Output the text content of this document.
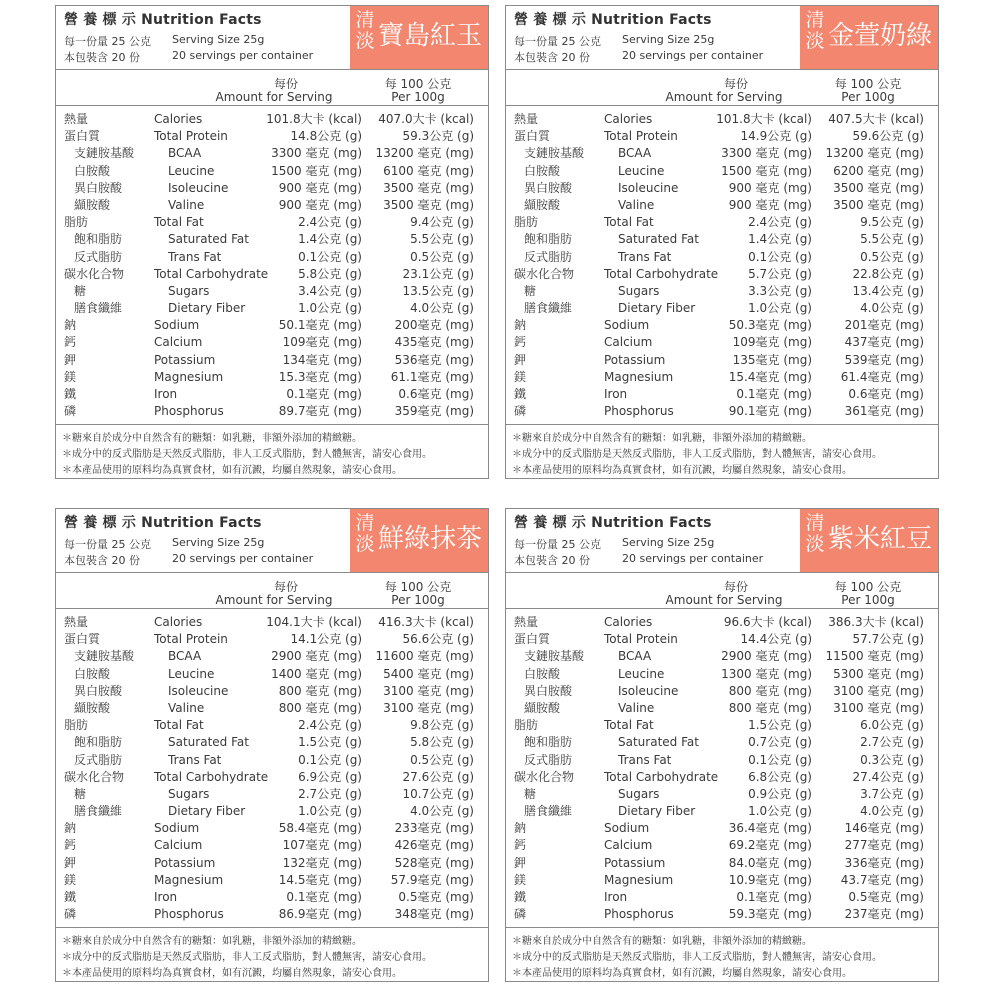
營 養 標 示 Nutrition Facts
每一份量 25 公克 Serving Size 25g
本包裝含 20 份	20 servings per container
清
淡 寶島紅玉
每份
Amount for Serving
每 100 公克
Per 100g
熱量	Calories	101.8大卡 (kcal) 407.0大卡 (kcal)
蛋白質	Total Protein	14.8公克 (g)	59.3公克 (g)
支鏈胺基酸	BCAA	3300 毫克 (mg) 13200 毫克 (mg)
白胺酸	Leucine	1500 毫克 (mg) 6100 毫克 (mg)
異白胺酸	Isoleucine	900 毫克 (mg) 3500 毫克 (mg)
纈胺酸	Valine	900 毫克 (mg) 3500 毫克 (mg)
脂肪	Total Fat	2.4公克 (g)	9.4公克 (g)
飽和脂肪	Saturated Fat	1.4公克 (g)	5.5公克 (g)
反式脂肪	Trans Fat	0.1公克 (g)	0.5公克 (g)
碳水化合物 Total Carbohydrate 5.8公克 (g)	23.1公克 (g)
糖	Sugars	3.4公克 (g)	13.5公克 (g)
膳食纖維	Dietary Fiber	1.0公克 (g)	4.0公克 (g)
鈉	Sodium	50.1毫克 (mg)	200毫克 (mg)
鈣	Calcium	109毫克 (mg)	435毫克 (mg)
鉀	Potassium	134毫克 (mg)	536毫克 (mg)
鎂	Magnesium	15.3毫克 (mg) 61.1毫克 (mg)
鐵	Iron	0.1毫克 (mg)	0.6毫克 (mg)
磷	Phosphorus	89.7毫克 (mg)	359毫克 (mg)
＊糖來自於成分中自然含有的糖類：如乳糖，非額外添加的精緻糖。
＊成分中的反式脂肪是天然反式脂肪，非人工反式脂肪，對人體無害，請安心食用。
＊本產品使用的原料均為真實食材，如有沉澱，均屬自然現象，請安心食用。
營 養 標 示 Nutrition Facts
每一份量 25 公克 Serving Size 25g
本包裝含 20 份	20 servings per container
清
淡 金萱奶綠
每份
Amount for Serving
每 100 公克
Per 100g
熱量	Calories	101.8大卡 (kcal) 407.5大卡 (kcal)
蛋白質	Total Protein	14.9公克 (g)	59.6公克 (g)
支鏈胺基酸	BCAA	3300 毫克 (mg) 13200 毫克 (mg)
白胺酸	Leucine	1500 毫克 (mg) 6200 毫克 (mg)
異白胺酸	Isoleucine	900 毫克 (mg) 3500 毫克 (mg)
纈胺酸	Valine	900 毫克 (mg) 3500 毫克 (mg)
脂肪	Total Fat	2.4公克 (g)	9.5公克 (g)
飽和脂肪	Saturated Fat	1.4公克 (g)	5.5公克 (g)
反式脂肪	Trans Fat	0.1公克 (g)	0.5公克 (g)
碳水化合物 Total Carbohydrate 5.7公克 (g)	22.8公克 (g)
糖	Sugars	3.3公克 (g)	13.4公克 (g)
膳食纖維	Dietary Fiber	1.0公克 (g)	4.0公克 (g)
鈉	Sodium	50.3毫克 (mg)	201毫克 (mg)
鈣	Calcium	109毫克 (mg)	437毫克 (mg)
鉀	Potassium	135毫克 (mg)	539毫克 (mg)
鎂	Magnesium	15.4毫克 (mg) 61.4毫克 (mg)
鐵	Iron	0.1毫克 (mg)	0.6毫克 (mg)
磷	Phosphorus	90.1毫克 (mg)	361毫克 (mg)
＊糖來自於成分中自然含有的糖類：如乳糖，非額外添加的精緻糖。
＊成分中的反式脂肪是天然反式脂肪，非人工反式脂肪，對人體無害，請安心食用。
＊本產品使用的原料均為真實食材，如有沉澱，均屬自然現象，請安心食用。
營 養 標 示 Nutrition Facts
每一份量 25 公克 Serving Size 25g
本包裝含 20 份	20 servings per container
清
淡 鮮綠抹茶
每份
Amount for Serving
每 100 公克
Per 100g
熱量	Calories	104.1大卡 (kcal) 416.3大卡 (kcal)
蛋白質	Total Protein	14.1公克 (g)	56.6公克 (g)
支鏈胺基酸	BCAA	2900 毫克 (mg) 11600 毫克 (mg)
白胺酸	Leucine	1400 毫克 (mg) 5400 毫克 (mg)
異白胺酸	Isoleucine	800 毫克 (mg) 3100 毫克 (mg)
纈胺酸	Valine	800 毫克 (mg) 3100 毫克 (mg)
脂肪	Total Fat	2.4公克 (g)	9.8公克 (g)
飽和脂肪	Saturated Fat	1.5公克 (g)	5.8公克 (g)
反式脂肪	Trans Fat	0.1公克 (g)	0.5公克 (g)
碳水化合物 Total Carbohydrate 6.9公克 (g)	27.6公克 (g)
糖	Sugars	2.7公克 (g)	10.7公克 (g)
膳食纖維	Dietary Fiber	1.0公克 (g)	4.0公克 (g)
鈉	Sodium	58.4毫克 (mg)	233毫克 (mg)
鈣	Calcium	107毫克 (mg)	426毫克 (mg)
鉀	Potassium	132毫克 (mg)	528毫克 (mg)
鎂	Magnesium	14.5毫克 (mg) 57.9毫克 (mg)
鐵	Iron	0.1毫克 (mg)	0.5毫克 (mg)
磷	Phosphorus	86.9毫克 (mg)	348毫克 (mg)
＊糖來自於成分中自然含有的糖類：如乳糖，非額外添加的精緻糖。
＊成分中的反式脂肪是天然反式脂肪，非人工反式脂肪，對人體無害，請安心食用。
＊本產品使用的原料均為真實食材，如有沉澱，均屬自然現象，請安心食用。
營 養 標 示 Nutrition Facts
每一份量 25 公克 Serving Size 25g
本包裝含 20 份	20 servings per container
清
淡 紫米紅豆
每份
Amount for Serving
每 100 公克
Per 100g
熱量	Calories	96.6大卡 (kcal) 386.3大卡 (kcal)
蛋白質	Total Protein	14.4公克 (g)	57.7公克 (g)
支鏈胺基酸	BCAA	2900 毫克 (mg) 11500 毫克 (mg)
白胺酸	Leucine	1300 毫克 (mg) 5300 毫克 (mg)
異白胺酸	Isoleucine	800 毫克 (mg) 3100 毫克 (mg)
纈胺酸	Valine	800 毫克 (mg) 3100 毫克 (mg)
脂肪	Total Fat	1.5公克 (g)	6.0公克 (g)
飽和脂肪	Saturated Fat	0.7公克 (g)	2.7公克 (g)
反式脂肪	Trans Fat	0.1公克 (g)	0.3公克 (g)
碳水化合物 Total Carbohydrate 6.8公克 (g)	27.4公克 (g)
糖	Sugars	0.9公克 (g)	3.7公克 (g)
膳食纖維	Dietary Fiber	1.0公克 (g)	4.0公克 (g)
鈉	Sodium	36.4毫克 (mg)	146毫克 (mg)
鈣	Calcium	69.2毫克 (mg)	277毫克 (mg)
鉀	Potassium	84.0毫克 (mg)	336毫克 (mg)
鎂	Magnesium	10.9毫克 (mg) 43.7毫克 (mg)
鐵	Iron	0.1毫克 (mg)	0.5毫克 (mg)
磷	Phosphorus	59.3毫克 (mg)	237毫克 (mg)
＊糖來自於成分中自然含有的糖類：如乳糖，非額外添加的精緻糖。
＊成分中的反式脂肪是天然反式脂肪，非人工反式脂肪，對人體無害，請安心食用。
＊本產品使用的原料均為真實食材，如有沉澱，均屬自然現象，請安心食用。
